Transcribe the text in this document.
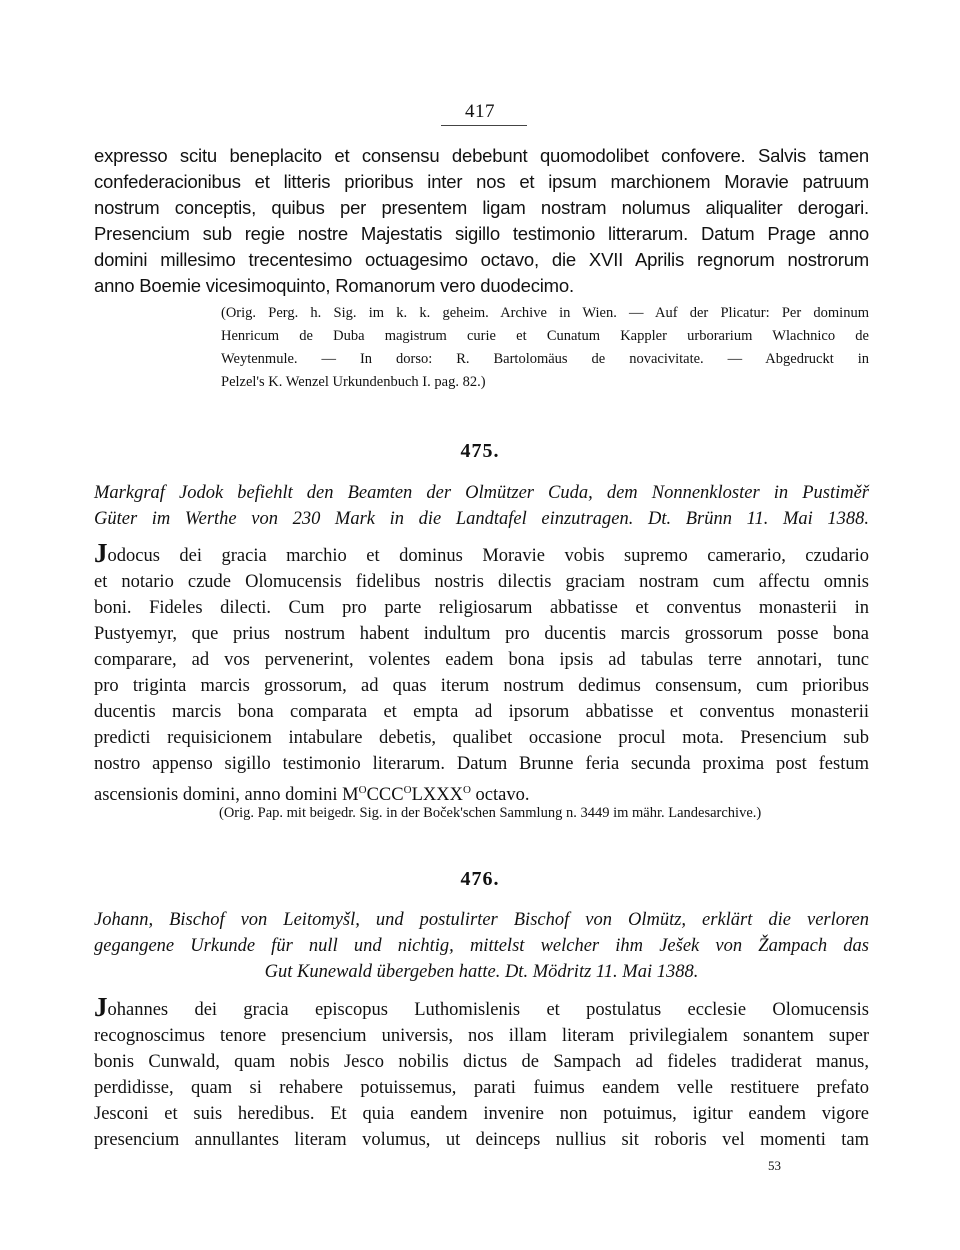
417
expresso scitu beneplacito et consensu debebunt quomodolibet confovere. Salvis tamen
confederacionibus et litteris prioribus inter nos et ipsum marchionem Moravie patruum
nostrum conceptis, quibus per presentem ligam nostram nolumus aliqualiter derogari.
Presencium sub regie nostre Majestatis sigillo testimonio litterarum. Datum Prage anno
domini millesimo trecentesimo octuagesimo octavo, die XVII Aprilis regnorum nostrorum
anno Boemie vicesimoquinto, Romanorum vero duodecimo.
(Orig. Perg. h. Sig. im k. k. geheim. Archive in Wien. — Auf der Plicatur: Per dominum
Henricum de Duba magistrum curie et Cunatum Kappler urborarium Wlachnico de
Weytenmule. — In dorso: R. Bartolomäus de novacivitate. — Abgedruckt in
Pelzel's K. Wenzel Urkundenbuch I. pag. 82.)
475.
Markgraf Jodok befiehlt den Beamten der Olmützer Cuda, dem Nonnenkloster in Pustiměř
Güter im Werthe von 230 Mark in die Landtafel einzutragen. Dt. Brünn 11. Mai 1388.
Jodocus dei gracia marchio et dominus Moravie vobis supremo camerario, czudario
et notario czude Olomucensis fidelibus nostris dilectis graciam nostram cum affectu omnis
boni. Fideles dilecti. Cum pro parte religiosarum abbatisse et conventus monasterii in
Pustyemyr, que prius nostrum habent indultum pro ducentis marcis grossorum posse bona
comparare, ad vos pervenerint, volentes eadem bona ipsis ad tabulas terre annotari, tunc
pro triginta marcis grossorum, ad quas iterum nostrum dedimus consensum, cum prioribus
ducentis marcis bona comparata et empta ad ipsorum abbatisse et conventus monasterii
predicti requisicionem intabulare debetis, qualibet occasione procul mota. Presencium sub
nostro appenso sigillo testimonio literarum. Datum Brunne feria secunda proxima post festum
ascensionis domini, anno domini $M^OCCC^OLXXX^O$ octavo.
(Orig. Pap. mit beigedr. Sig. in der Boček'schen Sammlung n. 3449 im mähr. Landesarchive.)
476.
Johann, Bischof von Leitomyšl, und postulirter Bischof von Olmütz, erklärt die verloren
gegangene Urkunde für null und nichtig, mittelst welcher ihm Ješek von Žampach das
Gut Kunewald übergeben hatte. Dt. Mödritz 11. Mai 1388.
Johannes dei gracia episcopus Luthomislenis et postulatus ecclesie Olomucensis
recognoscimus tenore presencium universis, nos illam literam privilegialem sonantem super
bonis Cunwald, quam nobis Jesco nobilis dictus de Sampach ad fideles tradiderat manus,
perdidisse, quam si rehabere potuissemus, parati fuimus eandem velle restituere prefato
Jesconi et suis heredibus. Et quia eandem invenire non potuimus, igitur eandem vigore
presencium annullantes literam volumus, ut deinceps nullius sit roboris vel momenti tam
53
